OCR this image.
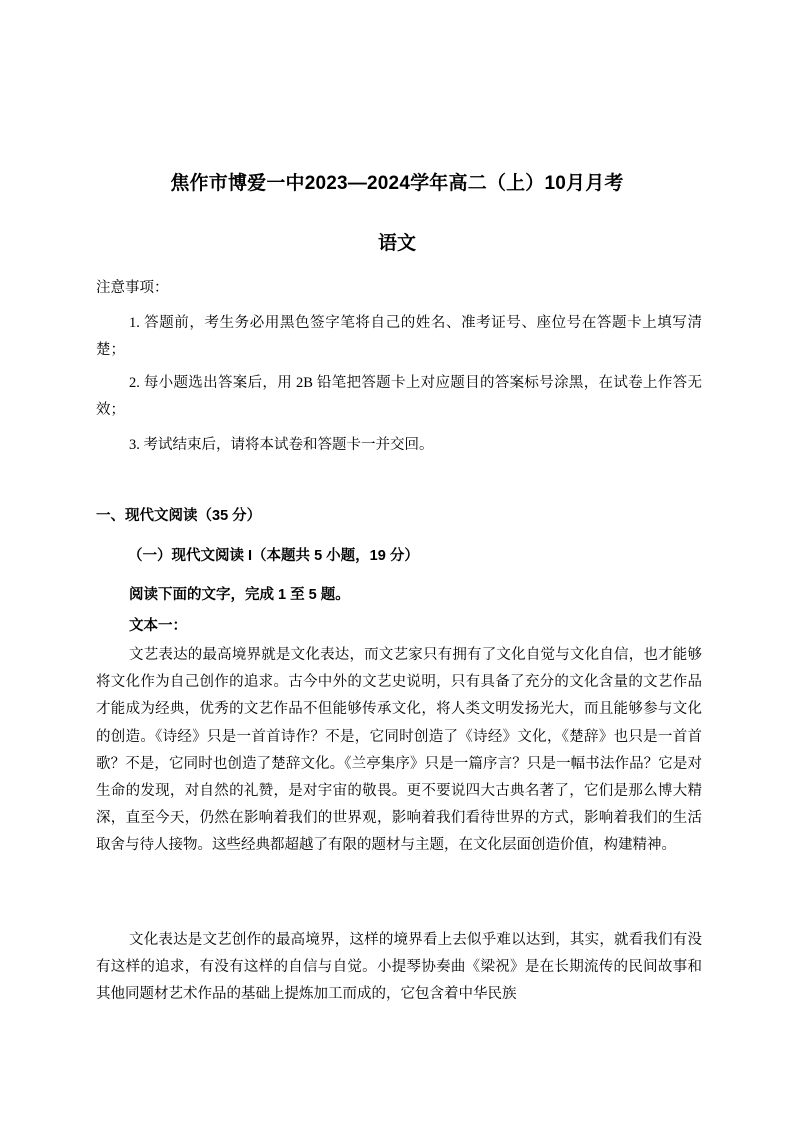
焦作市博爱一中2023—2024学年高二（上）10月月考
语文
注意事项：
1. 答题前，考生务必用黑色签字笔将自己的姓名、准考证号、座位号在答题卡上填写清楚；
2. 每小题选出答案后，用 2B 铅笔把答题卡上对应题目的答案标号涂黑，在试卷上作答无效；
3. 考试结束后，请将本试卷和答题卡一并交回。
一、现代文阅读（35 分）
（一）现代文阅读 I（本题共 5 小题，19 分）
阅读下面的文字，完成 1 至 5 题。
文本一：
文艺表达的最高境界就是文化表达，而文艺家只有拥有了文化自觉与文化自信，也才能够将文化作为自己创作的追求。古今中外的文艺史说明，只有具备了充分的文化含量的文艺作品才能成为经典，优秀的文艺作品不但能够传承文化，将人类文明发扬光大，而且能够参与文化的创造。《诗经》只是一首首诗作？不是，它同时创造了《诗经》文化，《楚辞》也只是一首首歌？不是，它同时也创造了楚辞文化。《兰亭集序》只是一篇序言？只是一幅书法作品？它是对生命的发现，对自然的礼赞，是对宇宙的敬畏。更不要说四大古典名著了，它们是那么博大精深，直至今天，仍然在影响着我们的世界观，影响着我们看待世界的方式，影响着我们的生活取舍与待人接物。这些经典都超越了有限的题材与主题，在文化层面创造价值，构建精神。
文化表达是文艺创作的最高境界，这样的境界看上去似乎难以达到，其实，就看我们有没有这样的追求，有没有这样的自信与自觉。小提琴协奏曲《梁祝》是在长期流传的民间故事和其他同题材艺术作品的基础上提炼加工而成的，它包含着中华民族
